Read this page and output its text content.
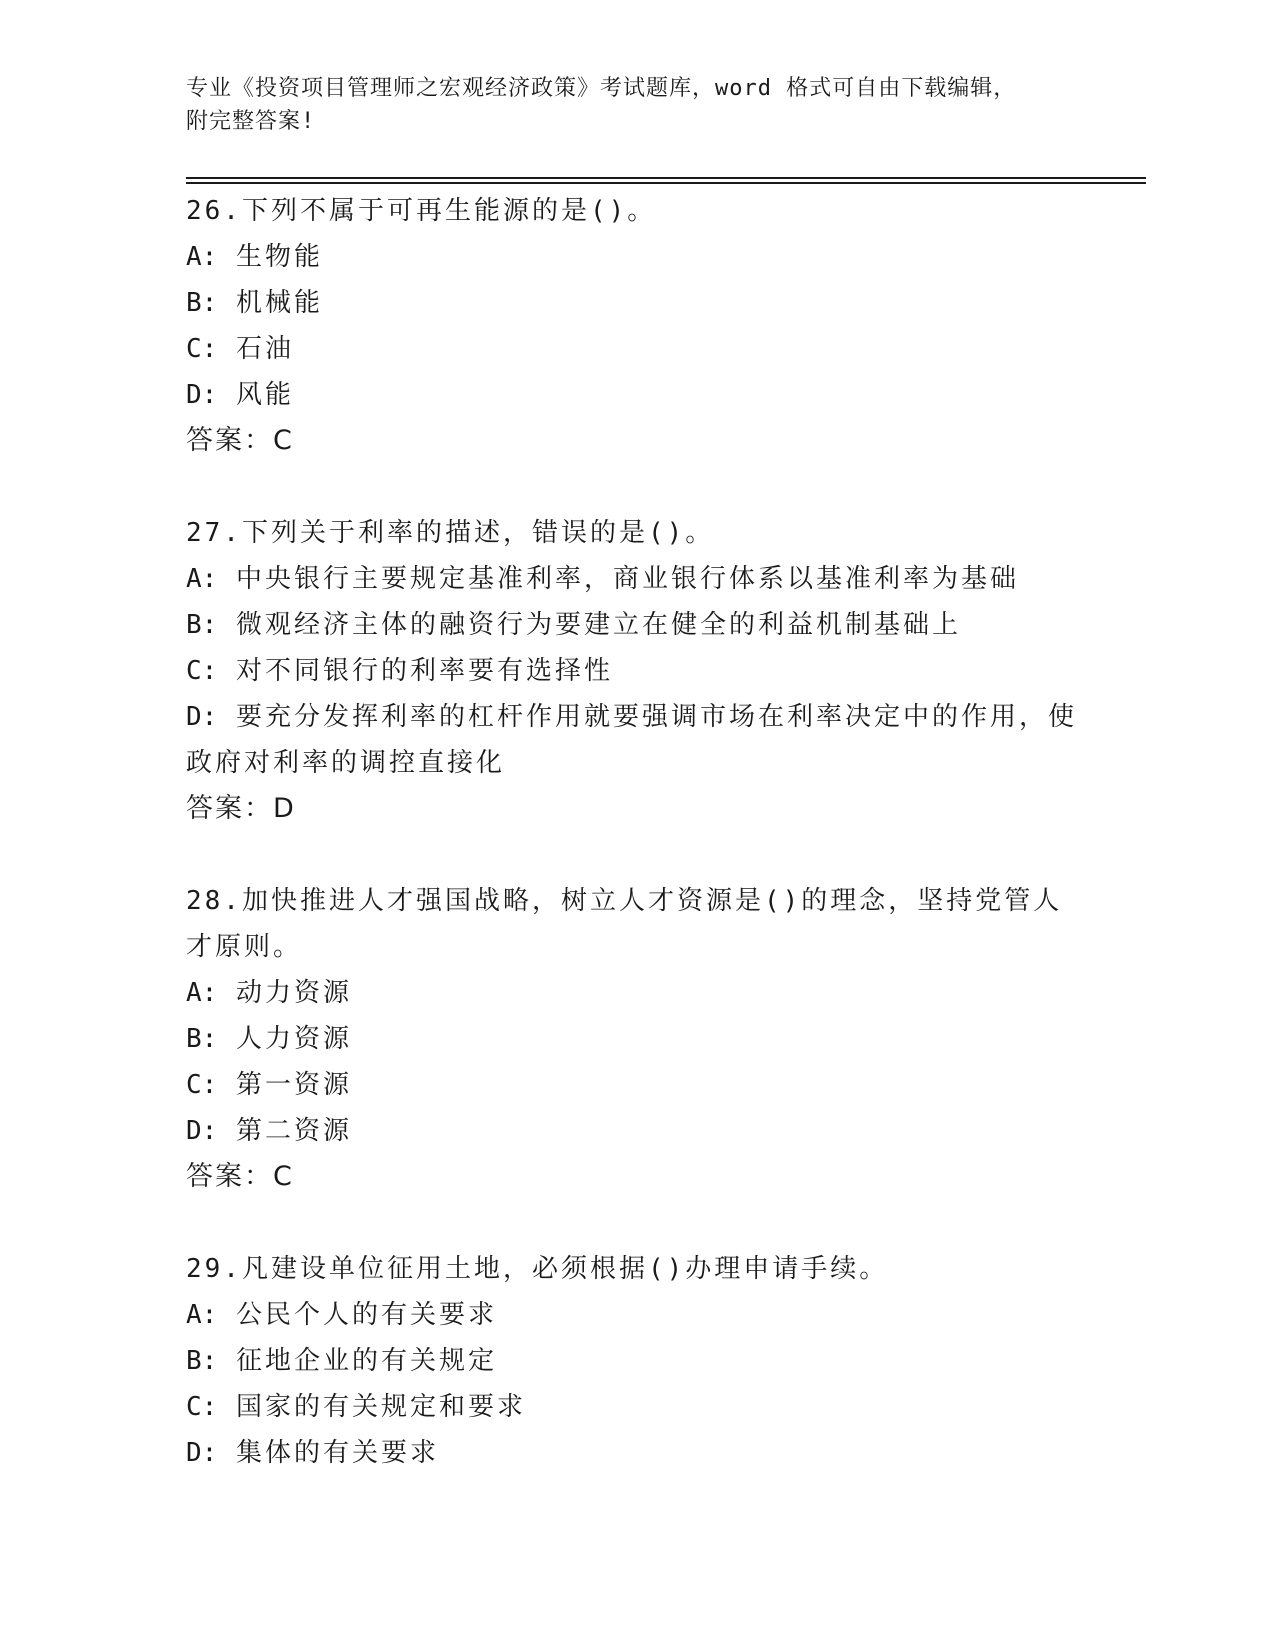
专业《投资项目管理师之宏观经济政策》考试题库，word 格式可自由下载编辑，
附完整答案!
26.下列不属于可再生能源的是()。
A: 生物能
B: 机械能
C: 石油
D: 风能
答案：C
27.下列关于利率的描述，错误的是()。
A: 中央银行主要规定基准利率，商业银行体系以基准利率为基础
B: 微观经济主体的融资行为要建立在健全的利益机制基础上
C: 对不同银行的利率要有选择性
D: 要充分发挥利率的杠杆作用就要强调市场在利率决定中的作用，使政府对利率的调控直接化
答案：D
28.加快推进人才强国战略，树立人才资源是()的理念，坚持党管人才原则。
A: 动力资源
B: 人力资源
C: 第一资源
D: 第二资源
答案：C
29.凡建设单位征用土地，必须根据()办理申请手续。
A: 公民个人的有关要求
B: 征地企业的有关规定
C: 国家的有关规定和要求
D: 集体的有关要求
